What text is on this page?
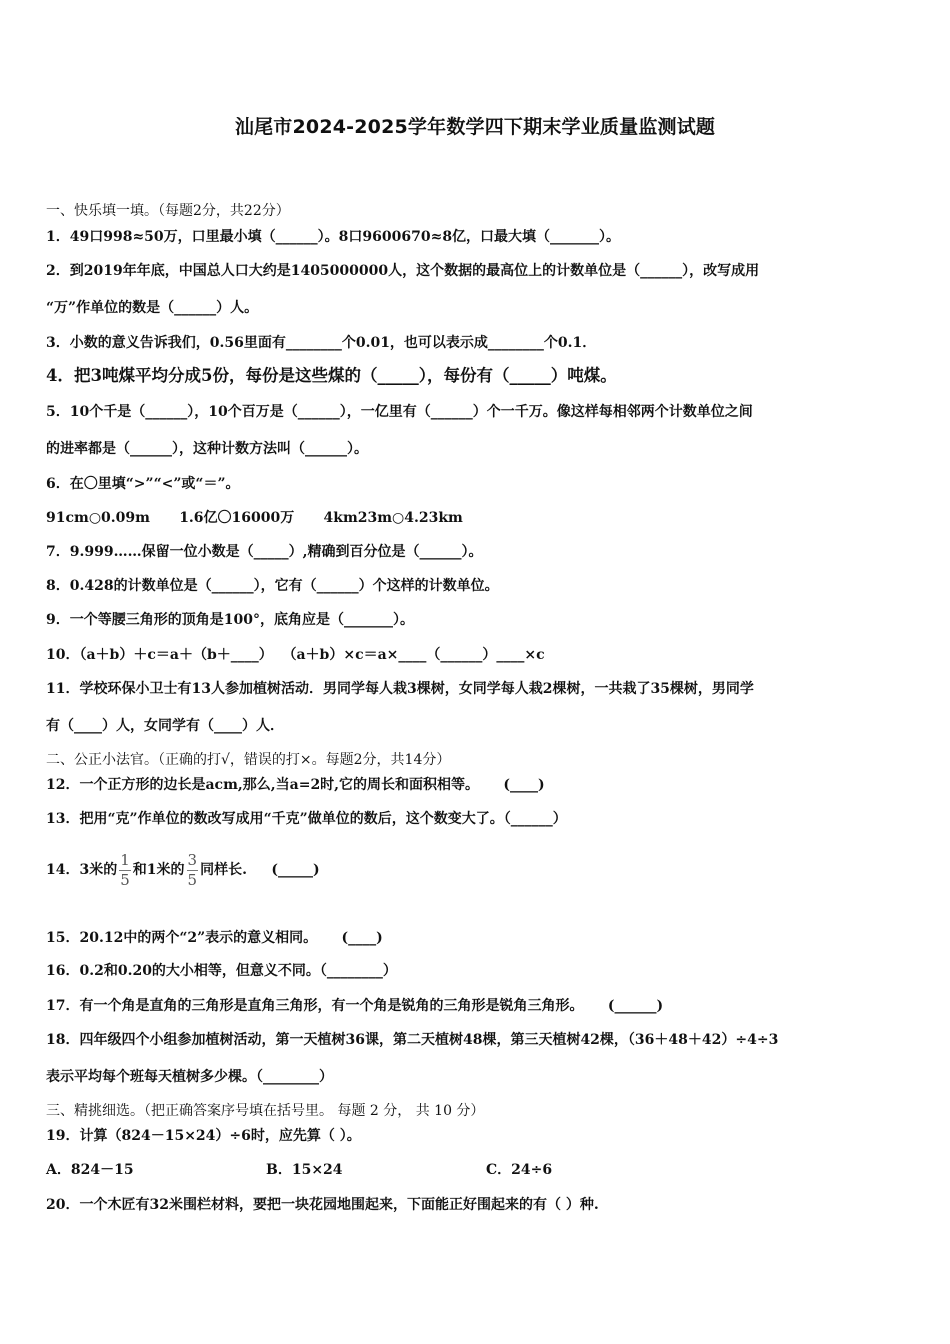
汕尾市2024-2025学年数学四下期末学业质量监测试题
一、快乐填一填。（每题2分，共22分）
1．49口998≈50万，口里最小填（______）。8口9600670≈8亿，口最大填（_______）。
2．到2019年年底，中国总人口大约是1405000000人，这个数据的最高位上的计数单位是（______），改写成用
“万”作单位的数是（______）人。
3．小数的意义告诉我们，0.56里面有________个0.01，也可以表示成________个0.1．
4．把3吨煤平均分成5份，每份是这些煤的（_____），每份有（_____）吨煤。
5．10个千是（______），10个百万是（______），一亿里有（______）个一千万。像这样每相邻两个计数单位之间
的进率都是（______），这种计数方法叫（______）。
6．在〇里填“>”“<”或“＝”。
91cm○0.09m      1.6亿〇16000万      4km23m○4.23km
7．9.999……保留一位小数是（_____）,精确到百分位是（______）。
8．0.428的计数单位是（______），它有（______）个这样的计数单位。
9．一个等腰三角形的顶角是100°，底角应是（_______）。
10．（a＋b）＋c＝a＋（b＋____）  （a＋b）×c＝a×____（______）____×c
11．学校环保小卫士有13人参加植树活动．男同学每人栽3棵树，女同学每人栽2棵树，一共栽了35棵树，男同学
有（____）人，女同学有（____）人．
二、公正小法官。（正确的打√，错误的打×。每题2分，共14分）
12．一个正方形的边长是acm,那么,当a=2时,它的周长和面积相等。     (____)
13．把用“克”作单位的数改写成用“千克”做单位的数后，这个数变大了。（______）
14．3米的 $\frac{1}{5}$ 和1米的 $\frac{3}{5}$ 同样长.     (_____)
15．20.12中的两个“2”表示的意义相同。     (____)
16．0.2和0.20的大小相等，但意义不同。（________）
17．有一个角是直角的三角形是直角三角形，有一个角是锐角的三角形是锐角三角形。     (______)
18．四年级四个小组参加植树活动，第一天植树36课，第二天植树48棵，第三天植树42棵，（36＋48＋42）÷4÷3
表示平均每个班每天植树多少棵。（________）
三、精挑细选。（把正确答案序号填在括号里。 每题 2 分， 共 10 分）
19．计算（824－15×24）÷6时，应先算（ ）。
A．824－15	B．15×24	C．24÷6
20．一个木匠有32米围栏材料，要把一块花园地围起来，下面能正好围起来的有（ ）种.
